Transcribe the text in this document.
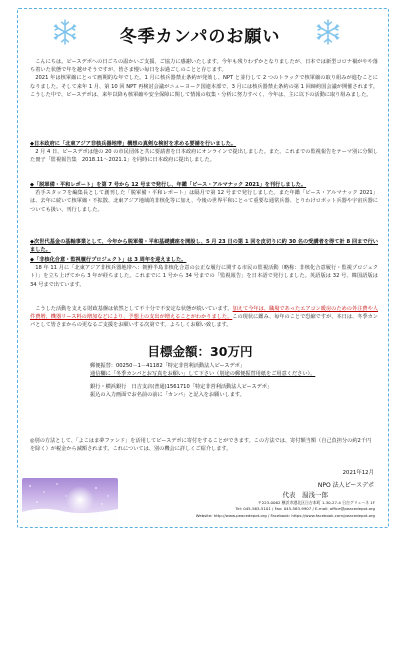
冬季カンパのお願い

こんにちは。ピースデポへの日ごろの温かいご支援、ご協力に感謝いたします。今年も残りわずかとなりましたが、日本では新型コロナ禍がやや落ち着いた状態で年を越せそうですが、皆さま慢い毎日をお過ごしのことと存じます。

2021 年は核軍縮にとって画期的な年でした。1 月に核兵器禁止条約が発効し、NPT と並行して 2 つのトラックで核軍縮の取り組みが進むことになりました。そして来年 1 月、第 10 回 NPT 再検討会議がニューヨーク国連本部で、3 月には核兵器禁止条約の第 1 回締約国会議が開催されます。こうした中で、ピースデポは、来年以降も核軍縮や安全保障に関して情報の収集・分析に努力すべく、今年は、主に以下の活動に取り組みました。

◆日本政府に「北東アジア非核兵器地帯」構想の真剣な検討を求める要請を行いました。

2 月 4 日、ピースデポは他の 20 の市民団体と共に要請書を日本政府にオンラインで提出しました。また、これまでの監視報告をテーマ別に分類した冊子「監視報告集　2018.11～2021.1」を同時に日本政府に提出しました。

◆「脱軍備・平和レポート」を第 7 号から 12 号まで発行し、年鑑「ピース・アルマナック 2021」を刊行しました。

若手スタッフを編集長として創刊した「脱軍備・平和レポート」は隔月で第 12 号まで発行しました。また年鑑「ピース・アルマナック 2021」は、去年に続いて核軍縮・不拡散、北東アジア地域的非核化等に加え、今後の世界平和にとって重要な通常兵器、とりわけロボット兵器や宇宙兵器についても扱い、刊行しました。

◆次世代基金の基軸事業として、今年から脱軍備・平和基礎講座を開設し、5 月 23 日の第 1 回を皮切りに約 30 名の受講者を得て計 8 回まで行いました。

◆「非核化合意・監視履行プロジェクト」は 3 周年を迎えました。

18 年 11 月に「北東アジア非核兵器地帯へ：朝鮮半島非核化合意の公正な履行に関する市民の監視活動（略称：非核化合意履行・監視プロジェクト）」を立ち上げてから 3 年が経ちました。これまでに 1 号から 34 号までの「監視報告」を日本語で発行しました。英語版は 32 号、韓国語版は 34 号まで出ています。

こうした活動を支える財政基盤は依然として不十分で不安定な状態が続いています。加えて今年は、職場であったエアコン暖房のための外注費や人件費増、機器リース料の増加などにより、予想上の支出が増えることがわかりました。この現状に鑑み、毎年のことで恐縮ですが、本日は、冬季カンパとして皆さまからの更なるご支援をお願いする次第です。よろしくお願い致します。

目標金額：30万円
郵便振替：00250－1－41182「特定非営利活動法人ピースデポ」
通信欄に「冬季カンパとお写真をお願い」して下さい（別途の郵便振替用紙をご用意ください）。
銀行・横浜銀行　日吉支店(普通)1561710「特定非営利活動法人ピースデポ」
振込の入力画面でお名前の前に「カンパ」と記入をお願いします。
◎別の方法として、「よこはま夢ファンド」を活用してピースデポに寄付をすることができます。この方法では、寄付額当額（自己負担分の約2千円を除く）が税金から減額されます。これについては、別の機会に詳しくご紹介します。
2021年12月
NPO 法人ピースデポ
代表　湯浅一郎
〒223-0062 横浜市港北区日吉本町 1-30-27-4 日吉グリューネ 1F
Tel: 045-563-5101 / Fax: 045-563-9907 / E-mail: office@peacedepot.org
Website: http://www.peacedepot.org / Facebook: https://www.facebook.com/peacedepot.org
